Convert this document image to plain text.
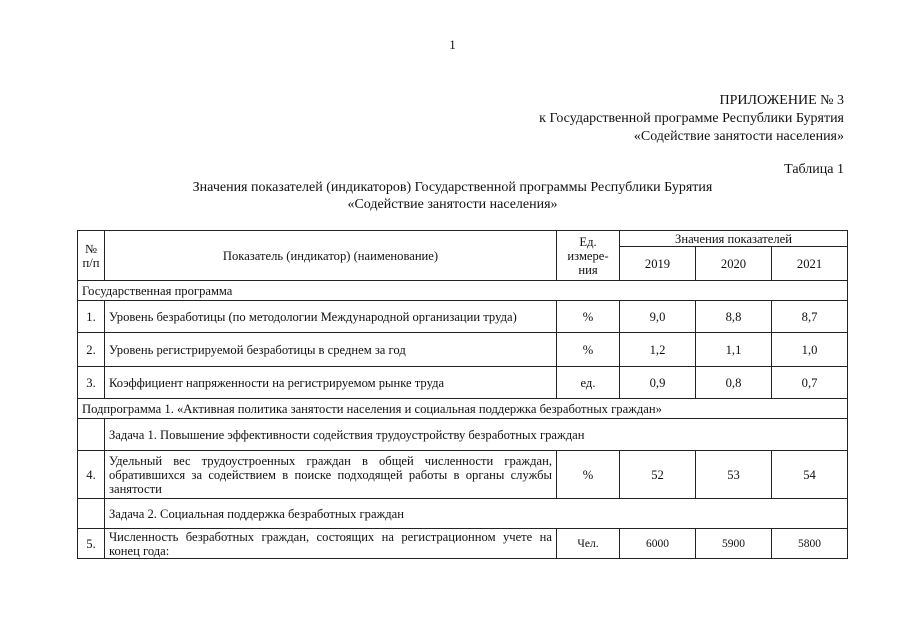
1
ПРИЛОЖЕНИЕ № 3
к Государственной программе Республики Бурятия
«Содействие занятости населения»
Таблица 1
Значения показателей (индикаторов) Государственной программы Республики Бурятия
«Содействие занятости населения»
№ п/п	Показатель (индикатор) (наименование)	Ед. измере-ния	Значения показателей		
			2019	2020	2021
Государственная программа					
1.	Уровень безработицы (по методологии Международной организации труда)	%	9,0	8,8	8,7
2.	Уровень регистрируемой безработицы в среднем за год	%	1,2	1,1	1,0
3.	Коэффициент напряженности на регистрируемом рынке труда	ед.	0,9	0,8	0,7
Подпрограмма 1. «Активная политика занятости населения и социальная поддержка безработных граждан»					
	Задача 1. Повышение эффективности содействия трудоустройству безработных граждан				
4.	Удельный вес трудоустроенных граждан в общей численности граждан, обратившихся за содействием в поиске подходящей работы в органы службы занятости	%	52	53	54
	Задача 2. Социальная поддержка безработных граждан				
5.	Численность безработных граждан, состоящих на регистрационном учете на конец года:	Чел.	6000	5900	5800
